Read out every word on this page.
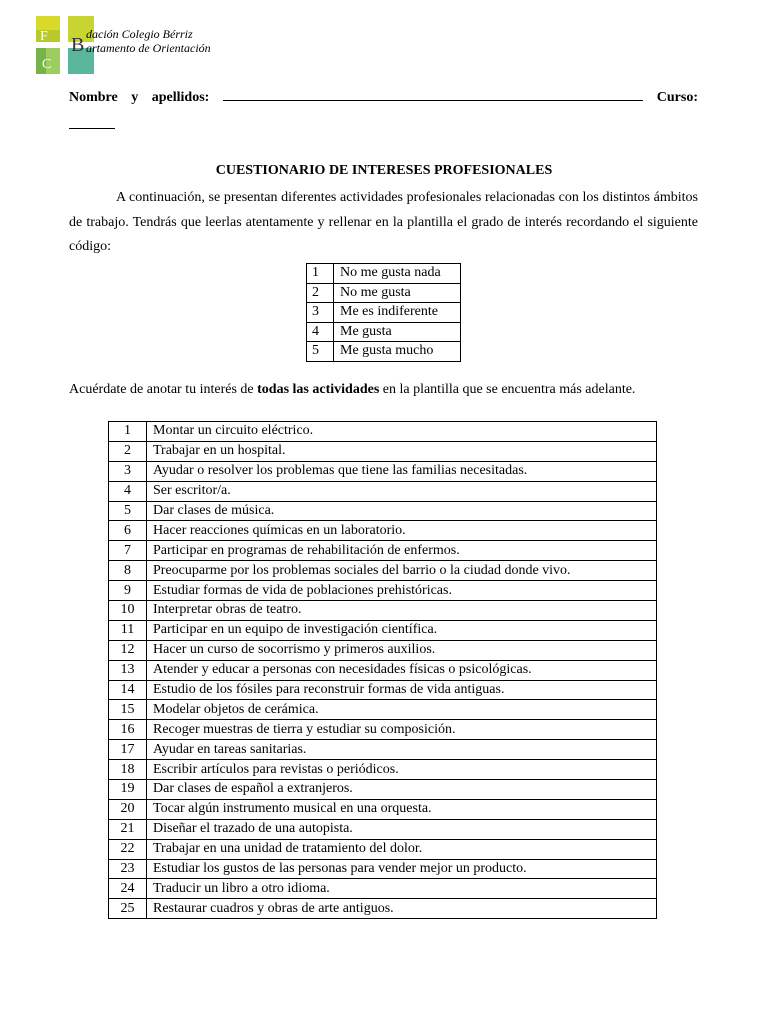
F
C
B dación Colegio Bérriz
artamento de Orientación
Nombre y apellidos:	Curso:
CUESTIONARIO DE INTERESES PROFESIONALES
A continuación, se presentan diferentes actividades profesionales relacionadas con los distintos ámbitos de trabajo. Tendrás que leerlas atentamente y rellenar en la plantilla el grado de interés recordando el siguiente código:
1	No me gusta nada
2	No me gusta
3	Me es indiferente
4	Me gusta
5	Me gusta mucho
Acuérdate de anotar tu interés de todas las actividades en la plantilla que se encuentra más adelante.
1	Montar un circuito eléctrico.
2	Trabajar en un hospital.
3	Ayudar o resolver los problemas que tiene las familias necesitadas.
4	Ser escritor/a.
5	Dar clases de música.
6	Hacer reacciones químicas en un laboratorio.
7	Participar en programas de rehabilitación de enfermos.
8	Preocuparme por los problemas sociales del barrio o la ciudad donde vivo.
9	Estudiar formas de vida de poblaciones prehistóricas.
10	Interpretar obras de teatro.
11	Participar en un equipo de investigación científica.
12	Hacer un curso de socorrismo y primeros auxilios.
13	Atender y educar a personas con necesidades físicas o psicológicas.
14	Estudio de los fósiles para reconstruir formas de vida antiguas.
15	Modelar objetos de cerámica.
16	Recoger muestras de tierra y estudiar su composición.
17	Ayudar en tareas sanitarias.
18	Escribir artículos para revistas o periódicos.
19	Dar clases de español a extranjeros.
20	Tocar algún instrumento musical en una orquesta.
21	Diseñar el trazado de una autopista.
22	Trabajar en una unidad de tratamiento del dolor.
23	Estudiar los gustos de las personas para vender mejor un producto.
24	Traducir un libro a otro idioma.
25	Restaurar cuadros y obras de arte antiguos.
